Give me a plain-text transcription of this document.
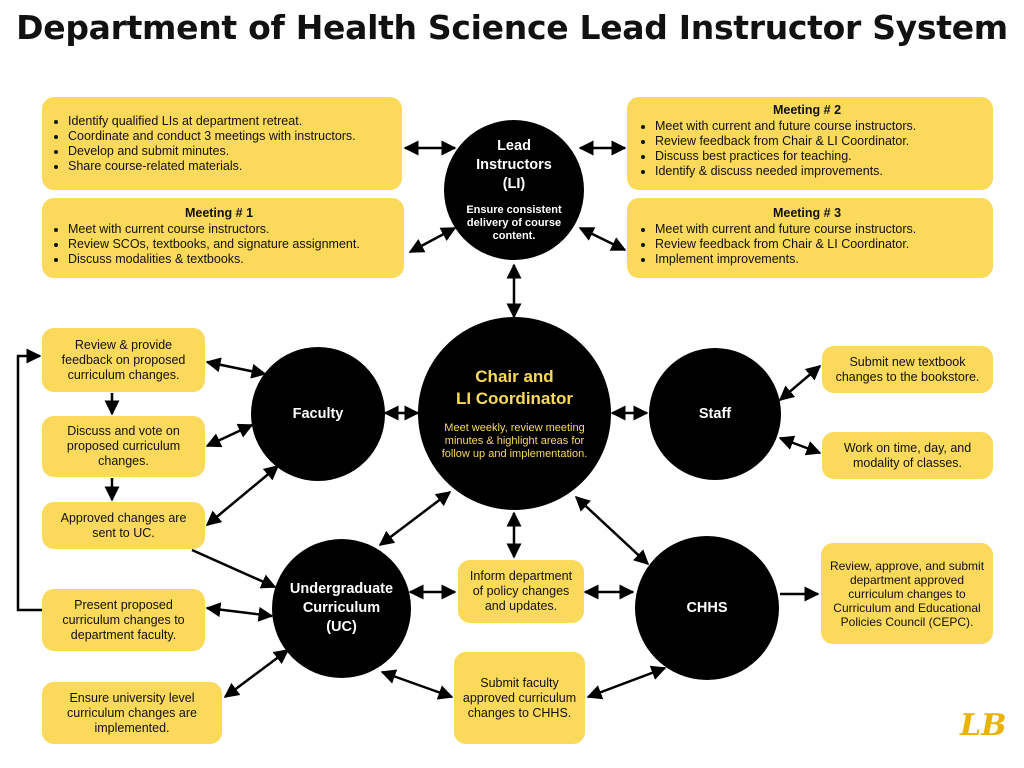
Department of Health Science Lead Instructor System
• Identify qualified LIs at department retreat.
• Coordinate and conduct 3 meetings with instructors.
• Develop and submit minutes.
• Share course-related materials.
Meeting # 1
• Meet with current course instructors.
• Review SCOs, textbooks, and signature assignment.
• Discuss modalities & textbooks.
Meeting # 2
• Meet with current and future course instructors.
• Review feedback from Chair & LI Coordinator.
• Discuss best practices for teaching.
• Identify & discuss needed improvements.
Meeting # 3
• Meet with current and future course instructors.
• Review feedback from Chair & LI Coordinator.
• Implement improvements.
Review & provide feedback on proposed curriculum changes.
Discuss and vote on proposed curriculum changes.
Approved changes are sent to UC.
Present proposed curriculum changes to department faculty.
Ensure university level curriculum changes are implemented.
Inform department of policy changes and updates.
Submit faculty approved curriculum changes to CHHS.
Submit new textbook changes to the bookstore.
Work on time, day, and modality of classes.
Review, approve, and submit department approved curriculum changes to Curriculum and Educational Policies Council (CEPC).
Lead
Instructors
(LI)
Ensure consistent delivery of course content.
Chair and
LI Coordinator
Meet weekly, review meeting minutes & highlight areas for follow up and implementation.
Faculty	Staff
Undergraduate
Curriculum
(UC)
CHHS
LB
